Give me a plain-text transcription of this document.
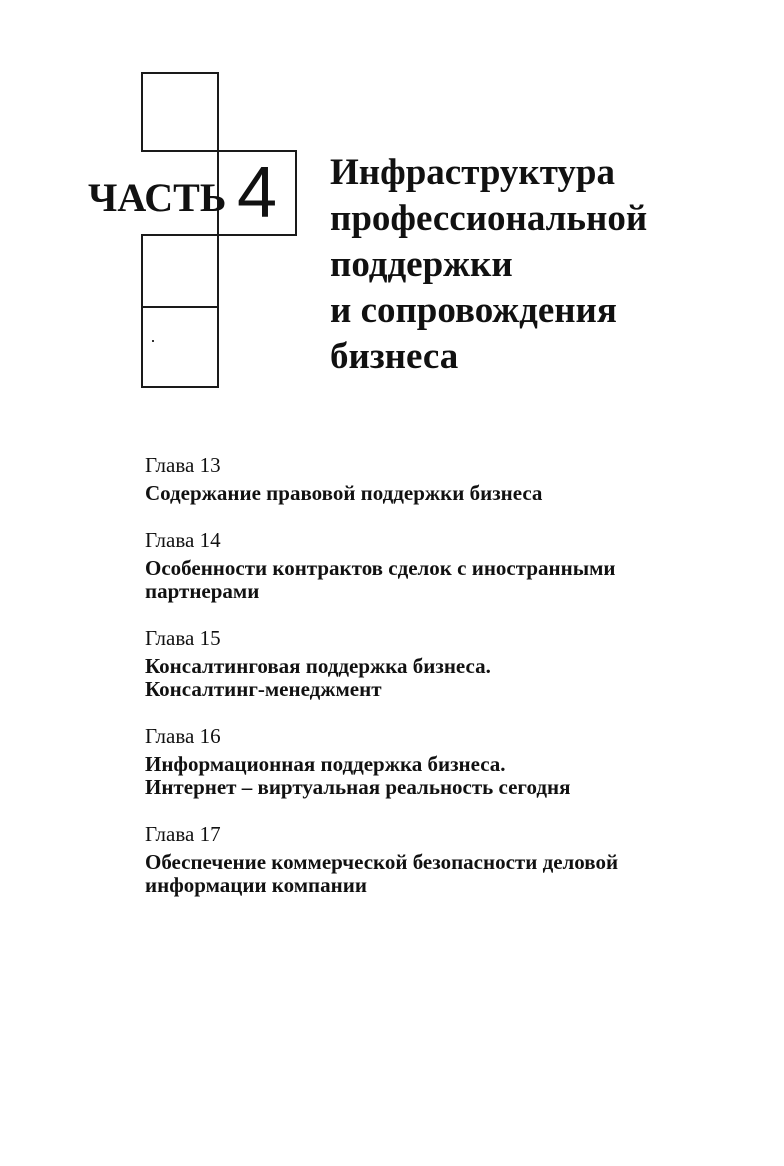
ЧАСТЬ 4	Инфраструктура
профессиональной
поддержки
и сопровождения
бизнеса
Глава 13
Содержание правовой поддержки бизнеса
Глава 14
Особенности контрактов сделок с иностранными
партнерами
Глава 15
Консалтинговая поддержка бизнеса.
Консалтинг-менеджмент
Глава 16
Информационная поддержка бизнеса.
Интернет – виртуальная реальность сегодня
Глава 17
Обеспечение коммерческой безопасности деловой
информации компании
